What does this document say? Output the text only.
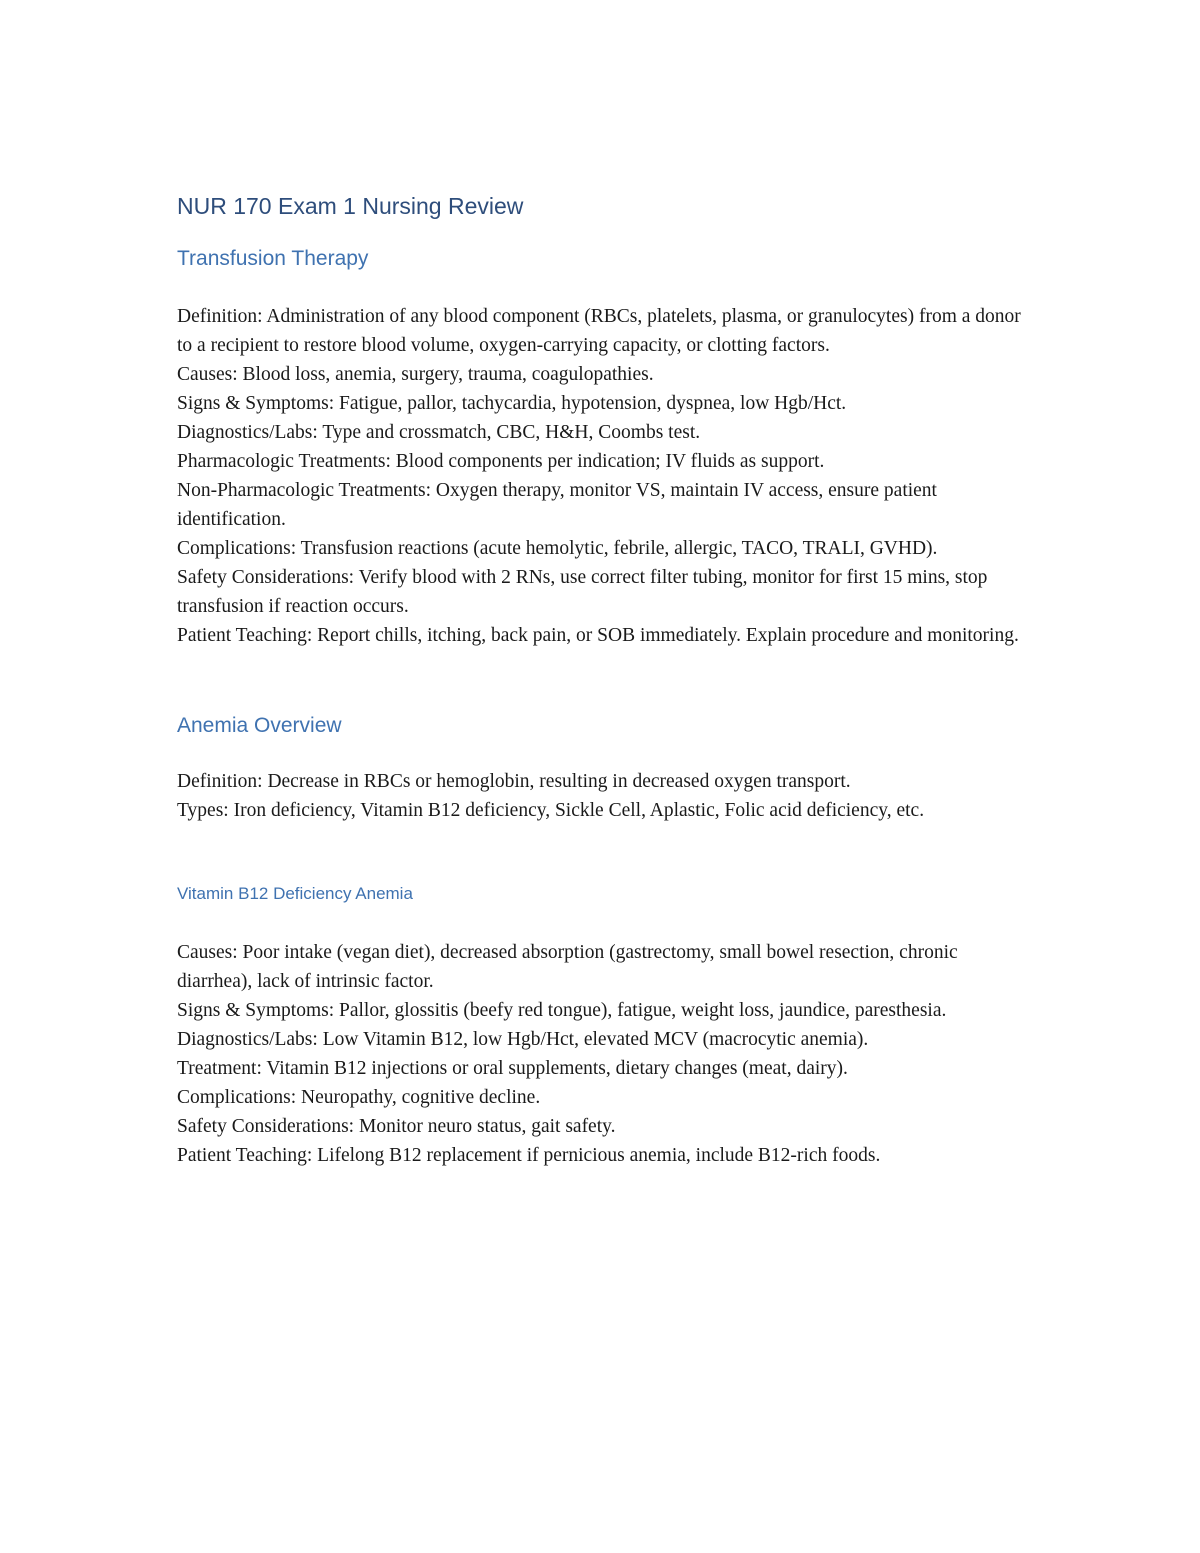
NUR 170 Exam 1 Nursing Review
Transfusion Therapy

Definition: Administration of any blood component (RBCs, platelets, plasma, or granulocytes) from a donor to a recipient to restore blood volume, oxygen-carrying capacity, or clotting factors.

Causes: Blood loss, anemia, surgery, trauma, coagulopathies.

Signs & Symptoms: Fatigue, pallor, tachycardia, hypotension, dyspnea, low Hgb/Hct.

Diagnostics/Labs: Type and crossmatch, CBC, H&H, Coombs test.

Pharmacologic Treatments: Blood components per indication; IV fluids as support.

Non-Pharmacologic Treatments: Oxygen therapy, monitor VS, maintain IV access, ensure patient identification.

Complications: Transfusion reactions (acute hemolytic, febrile, allergic, TACO, TRALI, GVHD).

Safety Considerations: Verify blood with 2 RNs, use correct filter tubing, monitor for first 15 mins, stop transfusion if reaction occurs.

Patient Teaching: Report chills, itching, back pain, or SOB immediately. Explain procedure and monitoring.

Anemia Overview

Definition: Decrease in RBCs or hemoglobin, resulting in decreased oxygen transport.

Types: Iron deficiency, Vitamin B12 deficiency, Sickle Cell, Aplastic, Folic acid deficiency, etc.

Vitamin B12 Deficiency Anemia

Causes: Poor intake (vegan diet), decreased absorption (gastrectomy, small bowel resection, chronic diarrhea), lack of intrinsic factor.

Signs & Symptoms: Pallor, glossitis (beefy red tongue), fatigue, weight loss, jaundice, paresthesia.

Diagnostics/Labs: Low Vitamin B12, low Hgb/Hct, elevated MCV (macrocytic anemia).

Treatment: Vitamin B12 injections or oral supplements, dietary changes (meat, dairy).

Complications: Neuropathy, cognitive decline.

Safety Considerations: Monitor neuro status, gait safety.

Patient Teaching: Lifelong B12 replacement if pernicious anemia, include B12-rich foods.
